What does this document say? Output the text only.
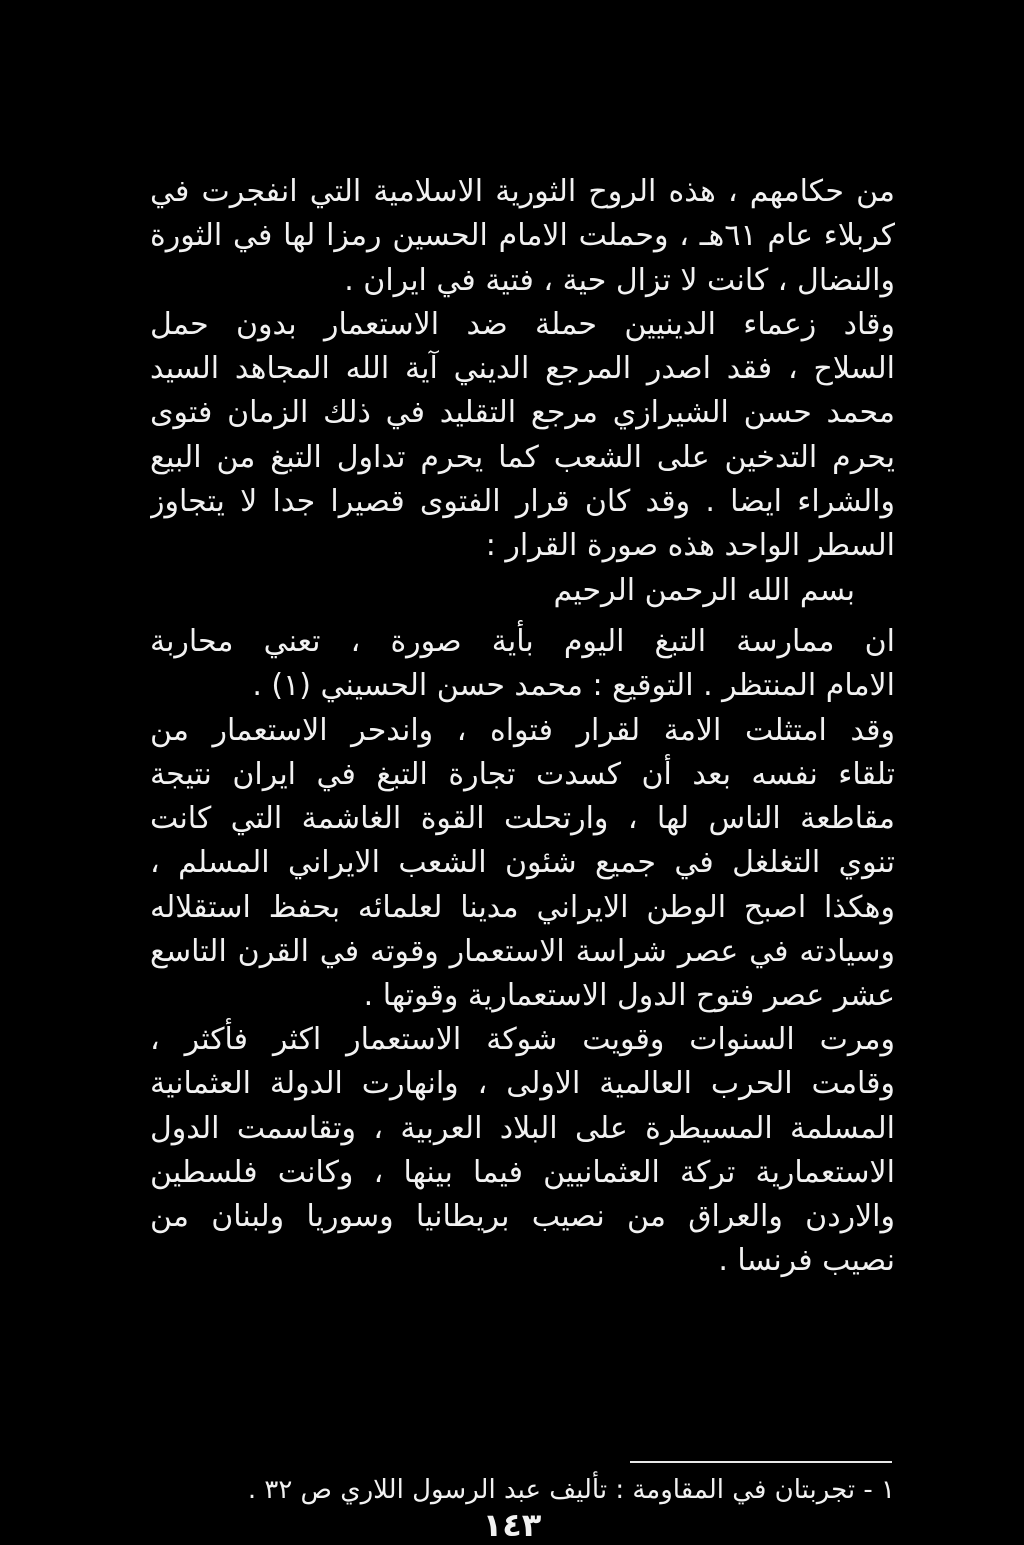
من حكامهم ، هذه الروح الثورية الاسلامية التي انفجرت في
كربلاء عام ٦١هـ ، وحملت الامام الحسين رمزا لها في الثورة
والنضال ، كانت لا تزال حية ، فتية في ايران .
وقاد زعماء الدينيين حملة ضد الاستعمار بدون حمل
السلاح ، فقد اصدر المرجع الديني آية الله المجاهد السيد
محمد حسن الشيرازي مرجع التقليد في ذلك الزمان فتوى
يحرم التدخين على الشعب كما يحرم تداول التبغ من البيع
والشراء ايضا . وقد كان قرار الفتوى قصيرا جدا لا يتجاوز
السطر الواحد هذه صورة القرار :
بسم الله الرحمن الرحيم
ان ممارسة التبغ اليوم بأية صورة ، تعني محاربة
الامام المنتظر . التوقيع : محمد حسن الحسيني (١) .
وقد امتثلت الامة لقرار فتواه ، واندحر الاستعمار من
تلقاء نفسه بعد أن كسدت تجارة التبغ في ايران نتيجة
مقاطعة الناس لها ، وارتحلت القوة الغاشمة التي كانت
تنوي التغلغل في جميع شئون الشعب الايراني المسلم ،
وهكذا اصبح الوطن الايراني مدينا لعلمائه بحفظ استقلاله
وسيادته في عصر شراسة الاستعمار وقوته في القرن التاسع
عشر عصر فتوح الدول الاستعمارية وقوتها .
ومرت السنوات وقويت شوكة الاستعمار اكثر فأكثر ،
وقامت الحرب العالمية الاولى ، وانهارت الدولة العثمانية
المسلمة المسيطرة على البلاد العربية ، وتقاسمت الدول
الاستعمارية تركة العثمانيين فيما بينها ، وكانت فلسطين
والاردن والعراق من نصيب بريطانيا وسوريا ولبنان من
نصيب فرنسا .
١ - تجربتان في المقاومة : تأليف عبد الرسول اللاري ص ٣٢ .
١٤٣
